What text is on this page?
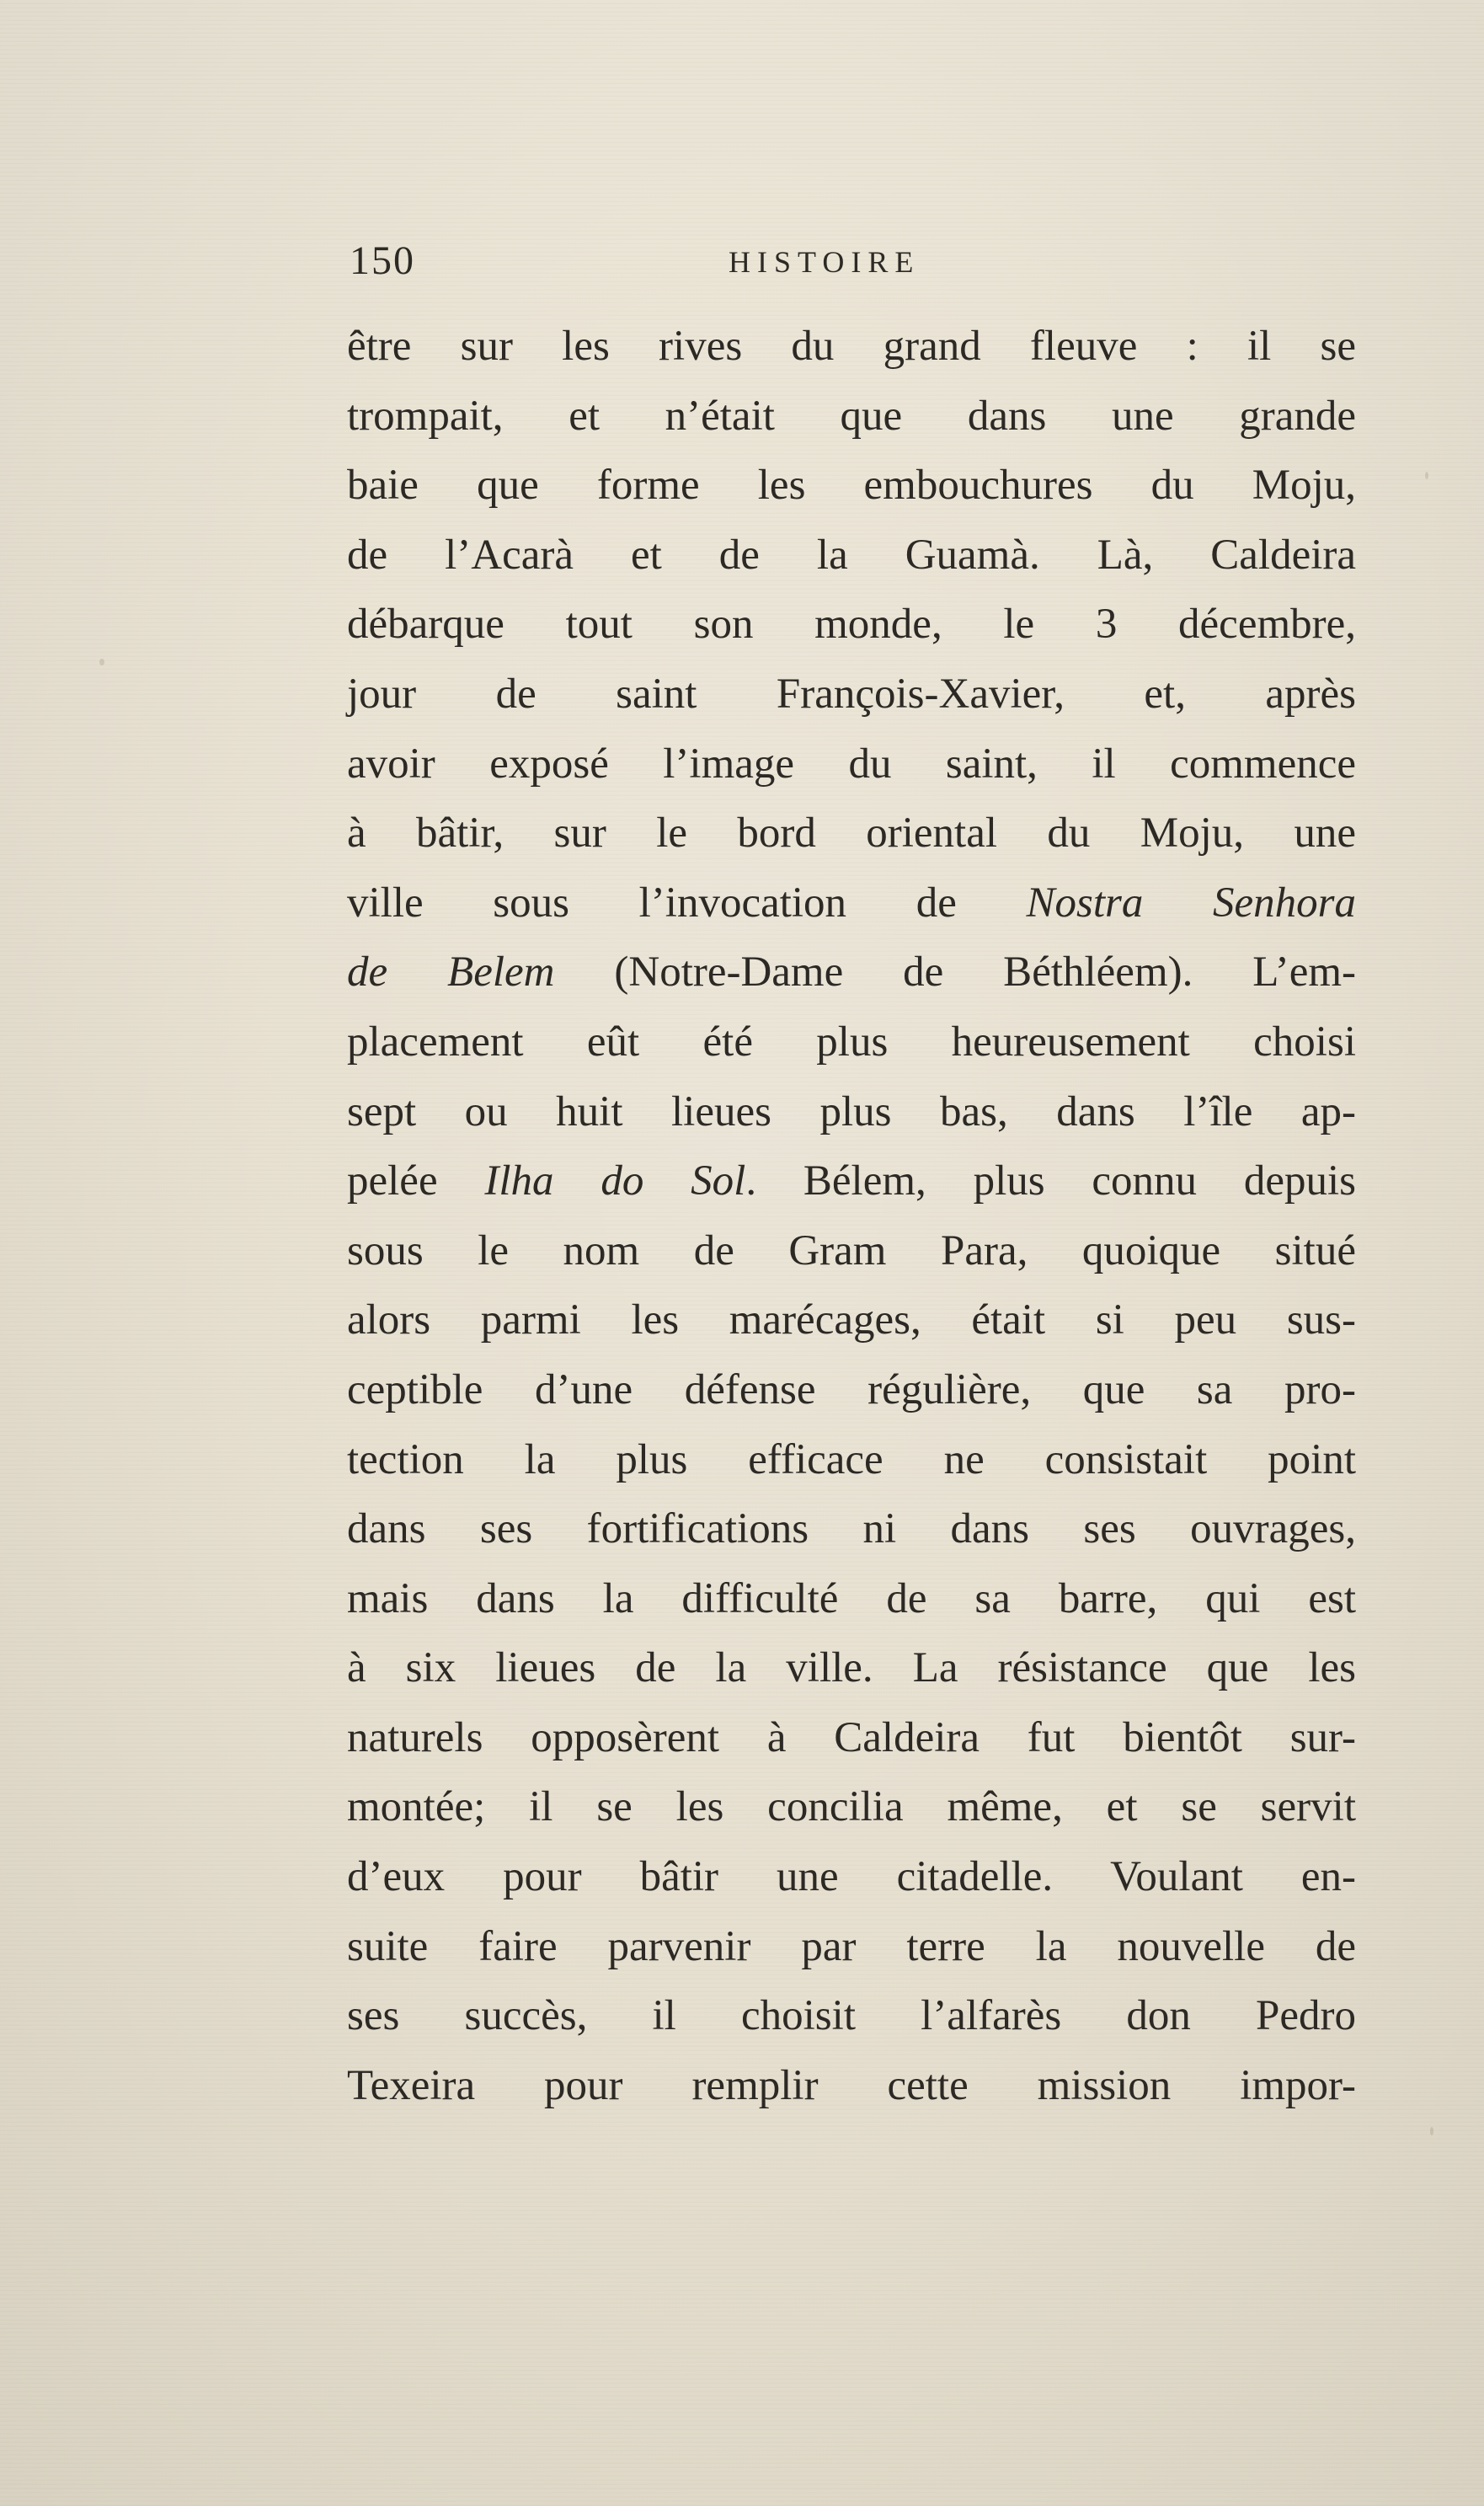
150	HISTOIRE
être sur les rives du grand fleuve : il se
trompait, et n’était que dans une grande
baie que forme les embouchures du Moju,
de l’Acarà et de la Guamà. Là, Caldeira
débarque tout son monde, le 3 décembre,
jour de saint François-Xavier, et, après
avoir exposé l’image du saint, il commence
à bâtir, sur le bord oriental du Moju, une
ville sous l’invocation de Nostra Senhora
de Belem (Notre-Dame de Béthléem). L’em-
placement eût été plus heureusement choisi
sept ou huit lieues plus bas, dans l’île ap-
pelée Ilha do Sol. Bélem, plus connu depuis
sous le nom de Gram Para, quoique situé
alors parmi les marécages, était si peu sus-
ceptible d’une défense régulière, que sa pro-
tection la plus efficace ne consistait point
dans ses fortifications ni dans ses ouvrages,
mais dans la difficulté de sa barre, qui est
à six lieues de la ville. La résistance que les
naturels opposèrent à Caldeira fut bientôt sur-
montée; il se les concilia même, et se servit
d’eux pour bâtir une citadelle. Voulant en-
suite faire parvenir par terre la nouvelle de
ses succès, il choisit l’alfarès don Pedro
Texeira pour remplir cette mission impor-
